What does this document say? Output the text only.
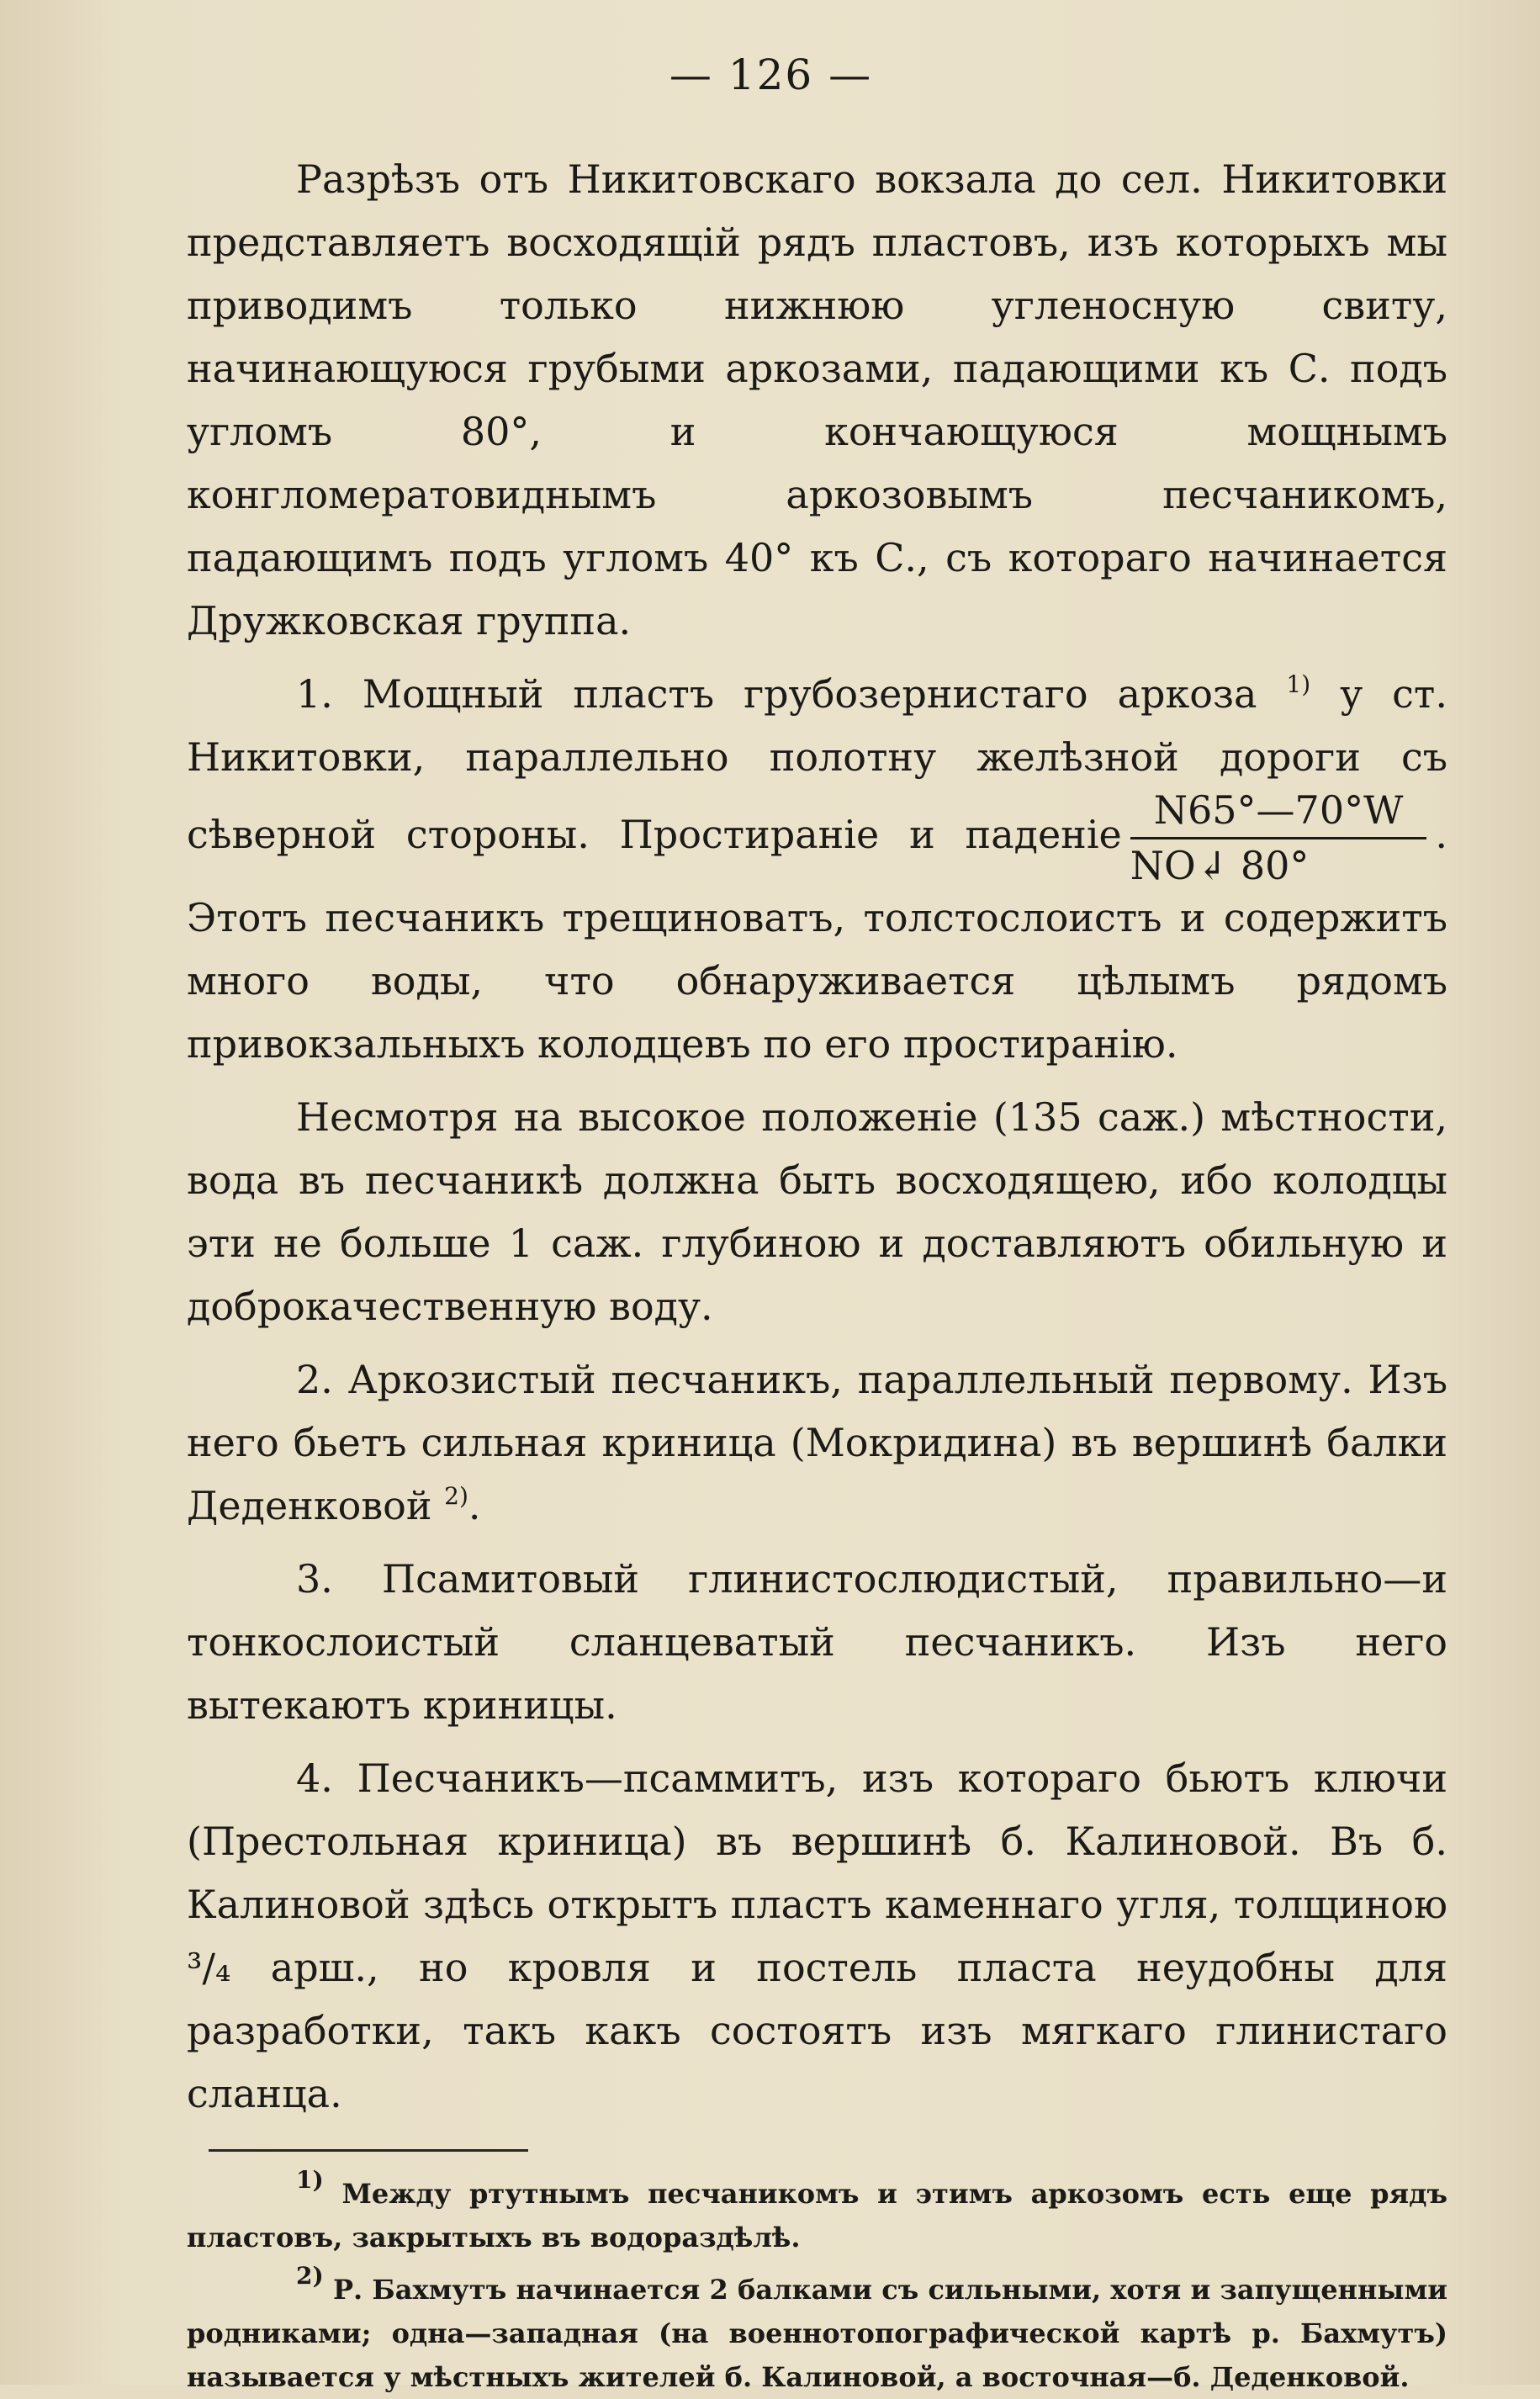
— 126 —

Разрѣзъ отъ Никитовскаго вокзала до сел. Никитовки представляетъ восходящій рядъ пластовъ, изъ которыхъ мы приводимъ только нижнюю угленосную свиту, начинающуюся грубыми аркозами, падающими къ С. подъ угломъ 80°, и кончающуюся мощнымъ конгломератовиднымъ аркозовымъ песчаникомъ, падающимъ подъ угломъ 40° къ С., съ котораго начинается Дружковская группа.

1. Мощный пластъ грубозернистаго аркоза $^{1)}$ у ст. Никитовки, параллельно полотну желѣзной дороги съ сѣверной стороны. Простираніе и паденіе $\frac{N65^\circ—70^\circ W}{NO↲ 80^\circ}$ . Этотъ песчаникъ трещиноватъ, толстослоистъ и содержитъ много воды, что обнаруживается цѣлымъ рядомъ привокзальныхъ колодцевъ по его простиранію.

Несмотря на высокое положеніе (135 саж.) мѣстности, вода въ песчаникѣ должна быть восходящею, ибо колодцы эти не больше 1 саж. глубиною и доставляютъ обильную и доброкачественную воду.

2. Аркозистый песчаникъ, параллельный первому. Изъ него бьетъ сильная криница (Мокридина) въ вершинѣ балки Деденковой $^{2)}$.

3. Псамитовый глинистослюдистый, правильно—и тонкослоистый сланцеватый песчаникъ. Изъ него вытекаютъ криницы.

4. Песчаникъ—псаммитъ, изъ котораго бьютъ ключи (Престольная криница) въ вершинѣ б. Калиновой. Въ б. Калиновой здѣсь открытъ пластъ каменнаго угля, толщиною ³/₄ арш., но кровля и постель пласта неудобны для разработки, такъ какъ состоятъ изъ мягкаго глинистаго сланца.

$^{1)}$ Между ртутнымъ песчаникомъ и этимъ аркозомъ есть еще рядъ пластовъ, закрытыхъ въ водораздѣлѣ.

$^{2)}$ Р. Бахмутъ начинается 2 балками съ сильными, хотя и запущенными родниками; одна—западная (на военнотопографической картѣ р. Бахмутъ) называется у мѣстныхъ жителей б. Калиновой, а восточная—б. Деденковой.
